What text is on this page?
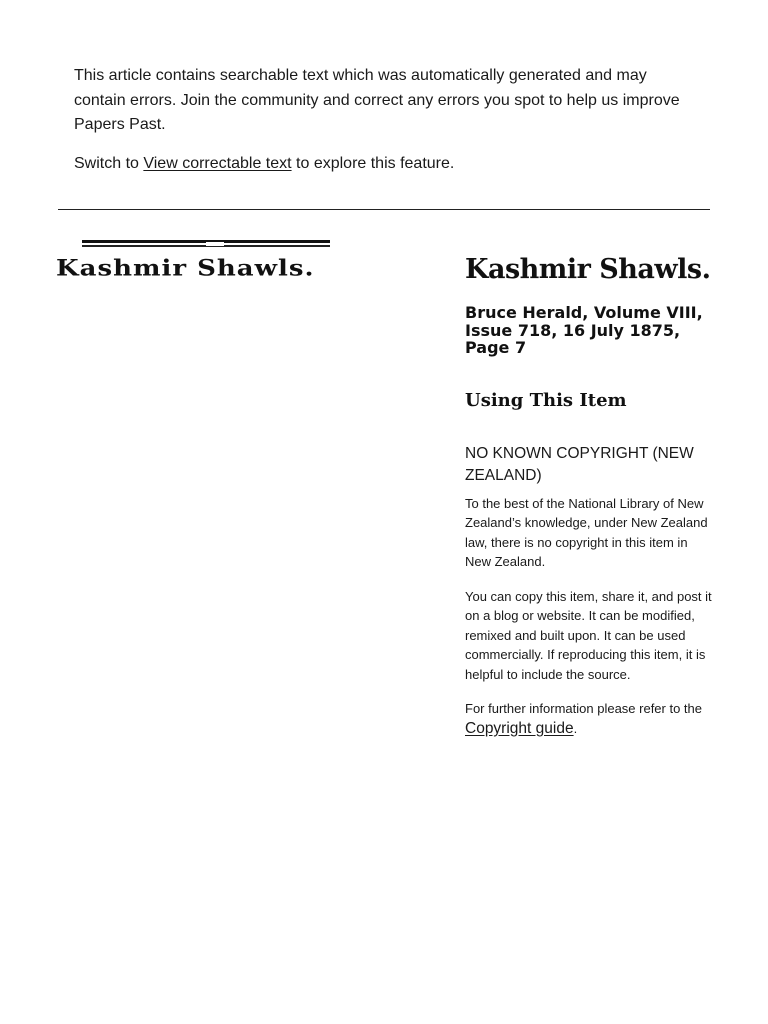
This article contains searchable text which was automatically generated and may contain errors. Join the community and correct any errors you spot to help us improve Papers Past.

Switch to View correctable text to explore this feature.

Kashmir Shawls.	Kashmir Shawls.
Bruce Herald, Volume VIII, Issue 718, 16 July 1875, Page 7
Using This Item
NO KNOWN COPYRIGHT (NEW ZEALAND)

To the best of the National Library of New Zealand’s knowledge, under New Zealand law, there is no copyright in this item in New Zealand.

You can copy this item, share it, and post it on a blog or website. It can be modified, remixed and built upon. It can be used commercially. If reproducing this item, it is helpful to include the source.

For further information please refer to the Copyright guide.
